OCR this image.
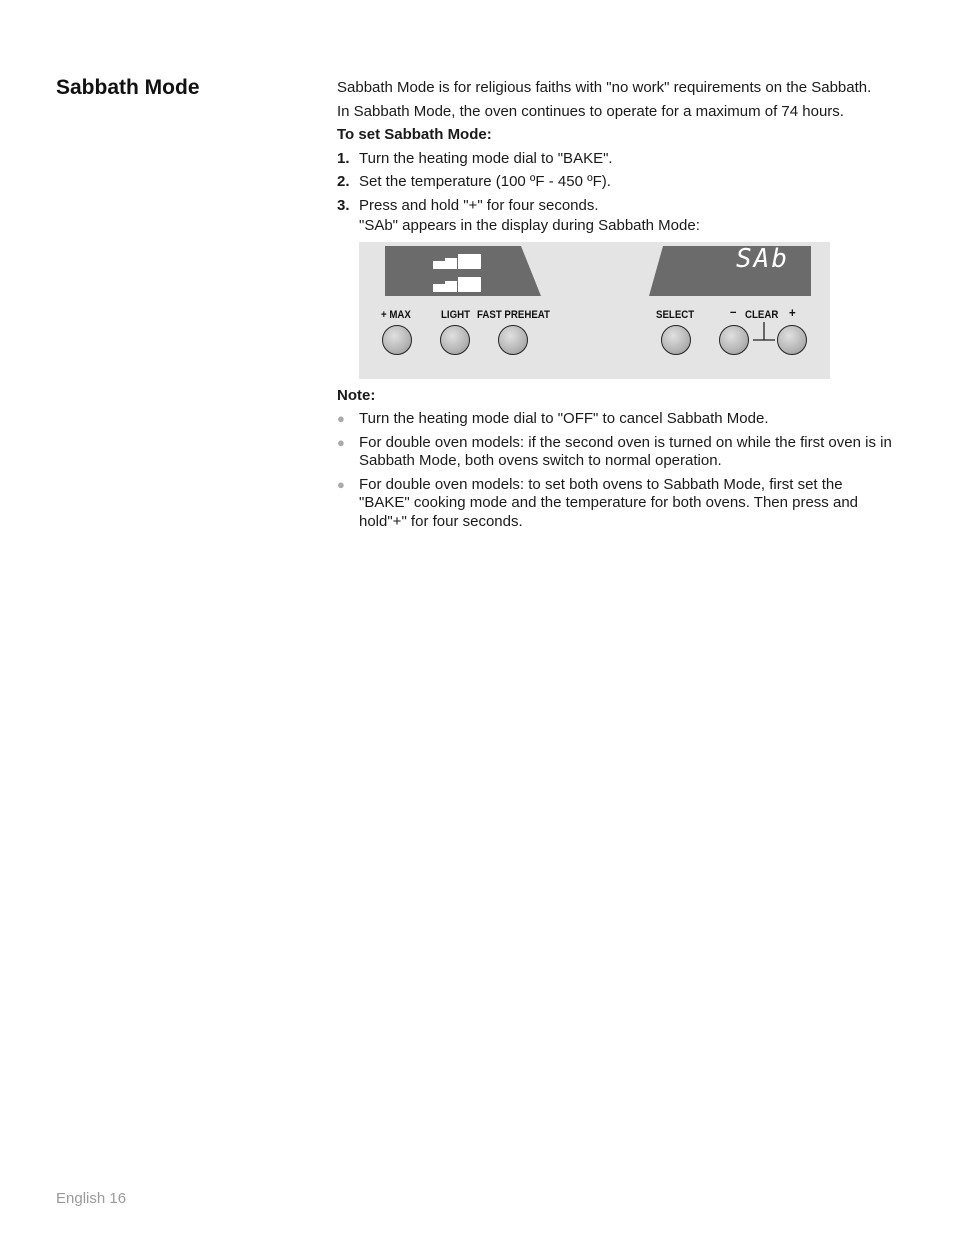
Sabbath Mode	Sabbath Mode is for religious faiths with "no work" requirements on the Sabbath.

In Sabbath Mode, the oven continues to operate for a maximum of 74 hours.

To set Sabbath Mode:

1. Turn the heating mode dial to "BAKE".
2. Set the temperature (100 ºF - 450 ºF).
3. Press and hold "+" for four seconds.

"SAb" appears in the display during Sabbath Mode:

SAb
+ MAX	LIGHT FAST PREHEAT	SELECT	– CLEAR +

Note:

● Turn the heating mode dial to "OFF" to cancel Sabbath Mode.
● For double oven models: if the second oven is turned on while the first oven is in Sabbath Mode, both ovens switch to normal operation.
● For double oven models: to set both ovens to Sabbath Mode, first set the "BAKE" cooking mode and the temperature for both ovens. Then press and hold"+" for four seconds.
English 16
